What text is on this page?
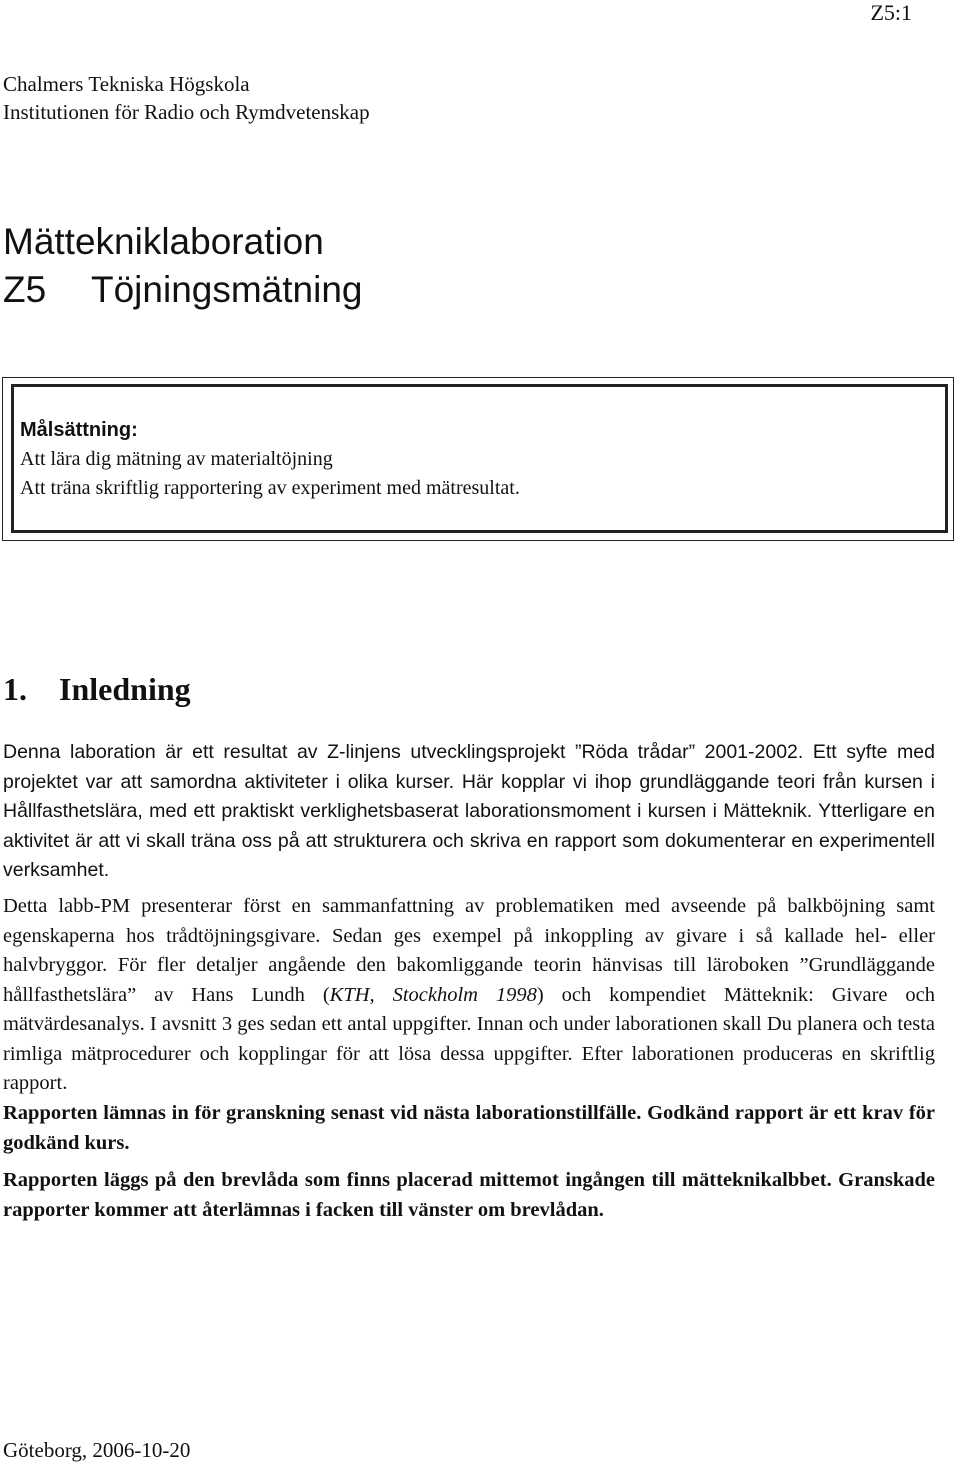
Z5:1
Chalmers Tekniska Högskola
Institutionen för Radio och Rymdvetenskap
Mättekniklaboration
Z5 Töjningsmätning
Målsättning:
Att lära dig mätning av materialtöjning
Att träna skriftlig rapportering av experiment med mätresultat.
1. Inledning
Denna laboration är ett resultat av Z-linjens utvecklingsprojekt ”Röda trådar” 2001-2002. Ett syfte med projektet var att samordna aktiviteter i olika kurser. Här kopplar vi ihop grundläggande teori från kursen i Hållfasthetslära, med ett praktiskt verklighetsbaserat laborationsmoment i kursen i Mätteknik. Ytterligare en aktivitet är att vi skall träna oss på att strukturera och skriva en rapport som dokumenterar en experimentell verksamhet.
Detta labb-PM presenterar först en sammanfattning av problematiken med avseende på balkböjning samt egenskaperna hos trådtöjningsgivare. Sedan ges exempel på inkoppling av givare i så kallade hel- eller halvbryggor. För fler detaljer angående den bakomliggande teorin hänvisas till läroboken ”Grundläggande hållfasthetslära” av Hans Lundh (KTH, Stockholm 1998) och kompendiet Mätteknik: Givare och mätvärdesanalys. I avsnitt 3 ges sedan ett antal uppgifter. Innan och under laborationen skall Du planera och testa rimliga mätprocedurer och kopplingar för att lösa dessa uppgifter. Efter laborationen produceras en skriftlig rapport.
Rapporten lämnas in för granskning senast vid nästa laborationstillfälle. Godkänd rapport är ett krav för godkänd kurs.
Rapporten läggs på den brevlåda som finns placerad mittemot ingången till mätteknikalbbet. Granskade rapporter kommer att återlämnas i facken till vänster om brevlådan.
Göteborg, 2006-10-20
